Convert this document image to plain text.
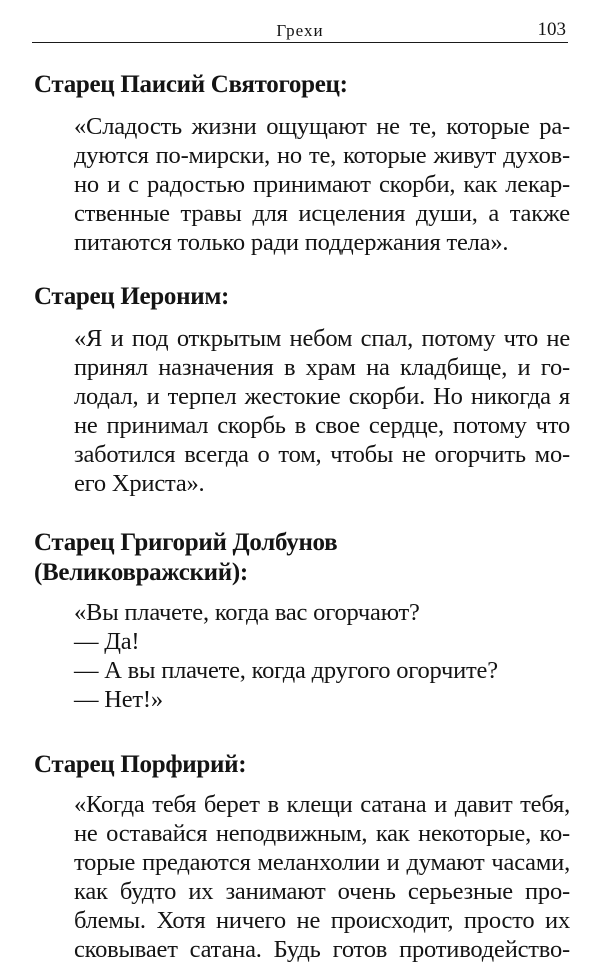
Грехи	103
Старец Паисий Святогорец:
«Сладость жизни ощущают не те, которые ра-
дуются по-мирски, но те, которые живут духов-
но и с радостью принимают скорби, как лекар-
ственные травы для исцеления души, а также
питаются только ради поддержания тела».
Старец Иероним:
«Я и под открытым небом спал, потому что не
принял назначения в храм на кладбище, и го-
лодал, и терпел жестокие скорби. Но никогда я
не принимал скорбь в свое сердце, потому что
заботился всегда о том, чтобы не огорчить мо-
его Христа».
Старец Григорий Долбунов
(Великовражский):
«Вы плачете, когда вас огорчают?
— Да!
— А вы плачете, когда другого огорчите?
— Нет!»
Старец Порфирий:
«Когда тебя берет в клещи сатана и давит тебя,
не оставайся неподвижным, как некоторые, ко-
торые предаются меланхолии и думают часами,
как будто их занимают очень серьезные про-
блемы. Хотя ничего не происходит, просто их
сковывает сатана. Будь готов противодейство-
